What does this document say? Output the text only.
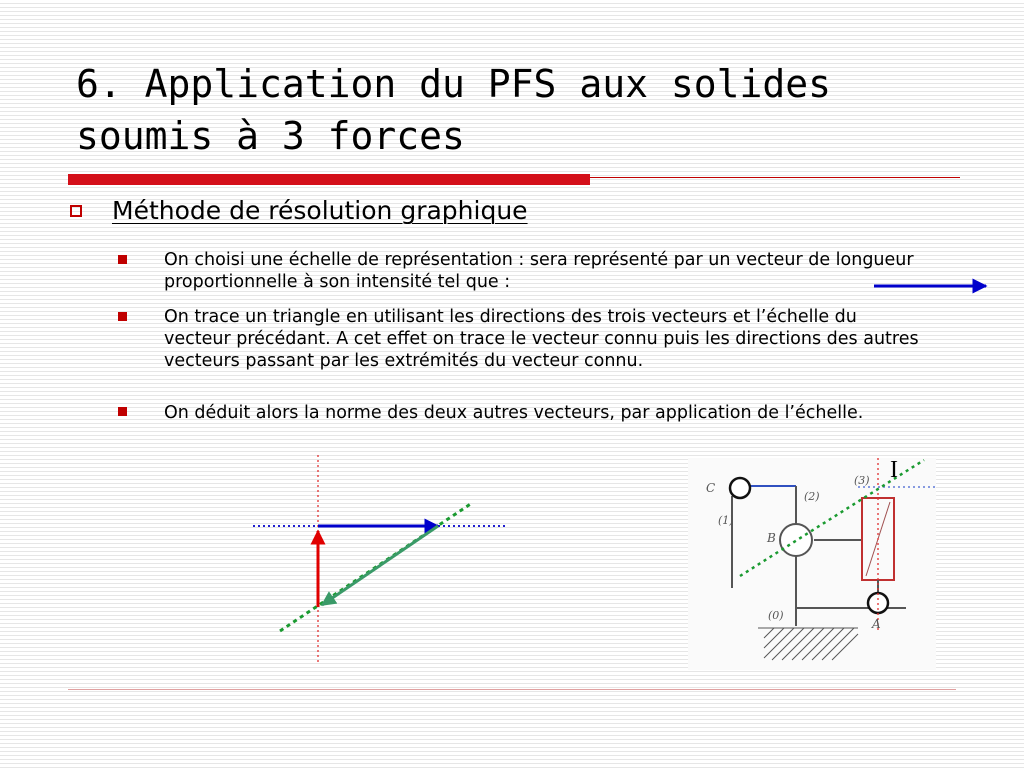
6. Application du PFS aux solides
soumis à 3 forces
Méthode de résolution graphique
On choisi une échelle de représentation : sera représenté par un vecteur de longueur proportionnelle à son intensité tel que :
On trace un triangle en utilisant les directions des trois vecteurs et l’échelle du vecteur précédant. A cet effet on trace le vecteur connu puis les directions des autres vecteurs passant par les extrémités du vecteur connu.
On déduit alors la norme des deux autres vecteurs, par application de l’échelle.
C
(1)
(2)
(3)
B
(0)
A
I
